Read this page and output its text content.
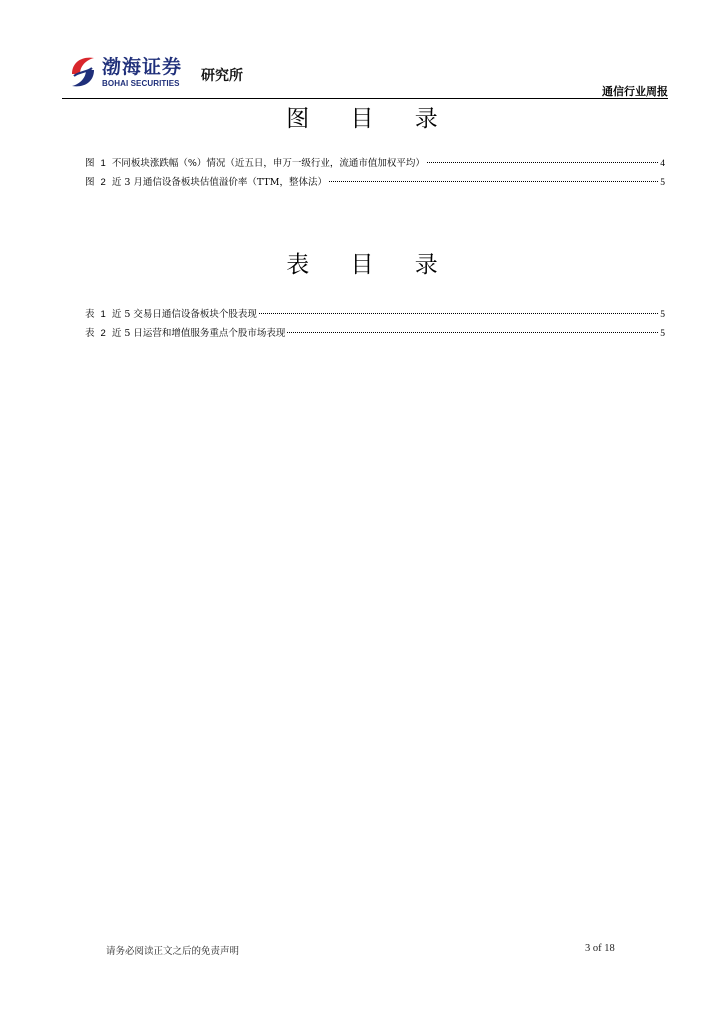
渤海证券
BOHAI SECURITIES 研究所
通信行业周报
图 目 录
图 1 不同板块涨跌幅（%）情况（近五日，申万一级行业，流通市值加权平均）	4
图 2 近 3 月通信设备板块估值溢价率（TTM，整体法）	5
表 目 录
表 1 近 5 交易日通信设备板块个股表现	5
表 2 近 5 日运营和增值服务重点个股市场表现	5
请务必阅读正文之后的免责声明	3 of 18
